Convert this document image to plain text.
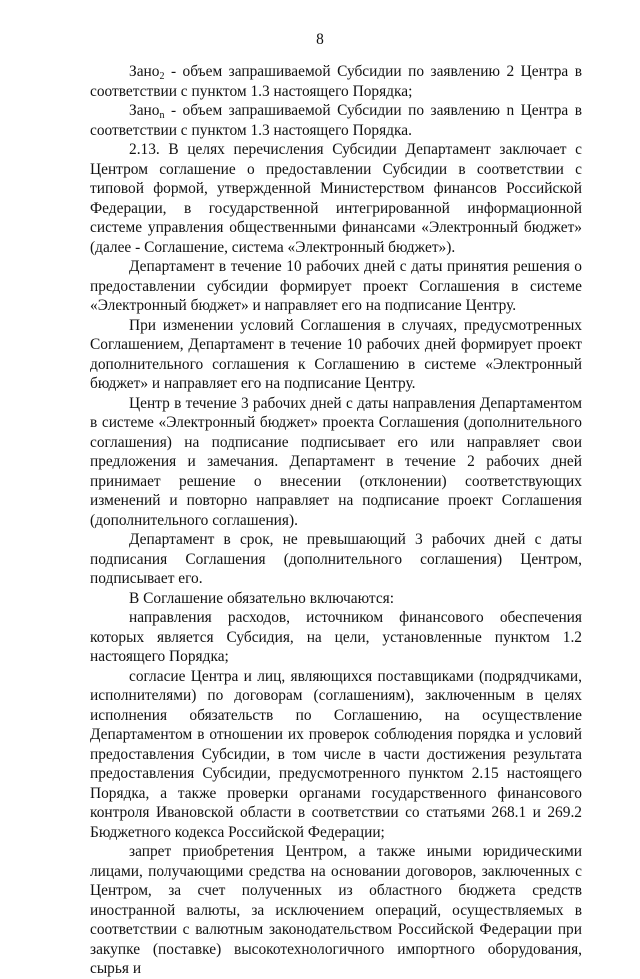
8

Зано$_2$ - объем запрашиваемой Субсидии по заявлению 2 Центра в соответствии с пунктом 1.3 настоящего Порядка;

Зано$_n$ - объем запрашиваемой Субсидии по заявлению n Центра в соответствии с пунктом 1.3 настоящего Порядка.

2.13. В целях перечисления Субсидии Департамент заключает с Центром соглашение о предоставлении Субсидии в соответствии с типовой формой, утвержденной Министерством финансов Российской Федерации, в государственной интегрированной информационной системе управления общественными финансами «Электронный бюджет» (далее - Соглашение, система «Электронный бюджет»).

Департамент в течение 10 рабочих дней с даты принятия решения о предоставлении субсидии формирует проект Соглашения в системе «Электронный бюджет» и направляет его на подписание Центру.

При изменении условий Соглашения в случаях, предусмотренных Соглашением, Департамент в течение 10 рабочих дней формирует проект дополнительного соглашения к Соглашению в системе «Электронный бюджет» и направляет его на подписание Центру.

Центр в течение 3 рабочих дней с даты направления Департаментом в системе «Электронный бюджет» проекта Соглашения (дополнительного соглашения) на подписание подписывает его или направляет свои предложения и замечания. Департамент в течение 2 рабочих дней принимает решение о внесении (отклонении) соответствующих изменений и повторно направляет на подписание проект Соглашения (дополнительного соглашения).

Департамент в срок, не превышающий 3 рабочих дней с даты подписания Соглашения (дополнительного соглашения) Центром, подписывает его.

В Соглашение обязательно включаются:

направления расходов, источником финансового обеспечения которых является Субсидия, на цели, установленные пунктом 1.2 настоящего Порядка;

согласие Центра и лиц, являющихся поставщиками (подрядчиками, исполнителями) по договорам (соглашениям), заключенным в целях исполнения обязательств по Соглашению, на осуществление Департаментом в отношении их проверок соблюдения порядка и условий предоставления Субсидии, в том числе в части достижения результата предоставления Субсидии, предусмотренного пунктом 2.15 настоящего Порядка, а также проверки органами государственного финансового контроля Ивановской области в соответствии со статьями 268.1 и 269.2 Бюджетного кодекса Российской Федерации;

запрет приобретения Центром, а также иными юридическими лицами, получающими средства на основании договоров, заключенных с Центром, за счет полученных из областного бюджета средств иностранной валюты, за исключением операций, осуществляемых в соответствии с валютным законодательством Российской Федерации при закупке (поставке) высокотехнологичного импортного оборудования, сырья и
